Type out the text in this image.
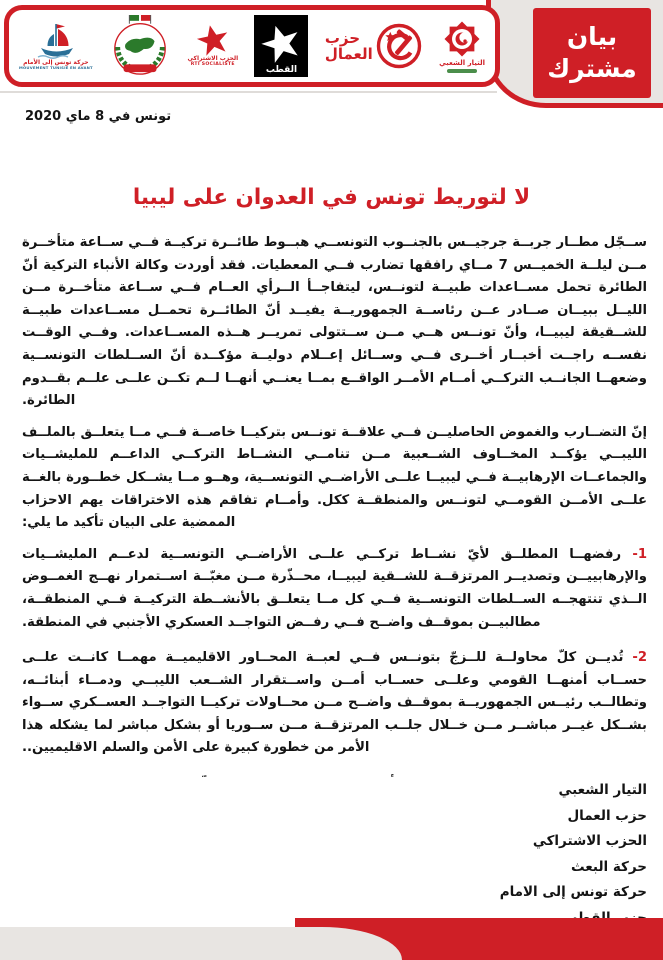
بيان
مشترك
حركة تونس إلى الأمام
MOUVEMENT TUNISIE EN AVANT
الحزب الاشتراكي
RTI SOCIALISTE
القطب
حزب
العمال
التيار الشعبي
تونس في 8 ماي 2020
لا لتوريط تونس في العدوان على ليبيا

ســجّل مطــار جربــة جرجيــس بالجنــوب التونســي هبــوط طائــرة تركيــة فــي ســاعة متأخــرة مــن ليلــة الخميــس 7 مــاي رافقها تضارب فــي المعطيات. فقد أوردت وكالة الأنباء التركية أنّ الطائرة تحمل مســاعدات طبيــة لتونــس، ليتفاجــأ الــرأي العــام فــي ســاعة متأخــرة مــن الليــل ببيــان صــادر عــن رئاســة الجمهوريــة يفيــد أنّ الطائــرة تحمــل مســاعدات طبيــة للشــقيقة ليبيــا، وأنّ تونــس هــي مــن ســتتولى تمريــر هــذه المســاعدات. وفــي الوقــت نفســه راجــت أخبــار أخــرى فــي وســائل إعــلام دوليــة مؤكــدة أنّ الســلطات التونســية وضعهــا الجانــب التركــي أمــام الأمــر الواقــع بمــا يعنــي أنهــا لــم تكــن علــى علــم بقــدوم الطائرة.

إنّ التضــارب والغموض الحاصليــن فــي علاقــة تونــس بتركيــا خاصــة فــي مــا يتعلــق بالملــف الليبــي يؤكــد المخــاوف الشــعبية مــن تنامــي النشــاط التركــي الداعــم للمليشــيات والجماعــات الإرهابيــة فــي ليبيــا علــى الأراضــي التونســية، وهــو مــا يشــكل خطــورة بالغــة علــى الأمــن القومــي لتونــس والمنطقــة ككل. وأمــام تفاقم هذه الاختراقات يهم الاحزاب الممضية على البيان تأكيد ما يلي:

1- رفضهــا المطلــق لأيّ نشــاط تركــي علــى الأراضــي التونســية لدعــم المليشــيات والإرهابييــن وتصديــر المرتزقــة للشــقية ليبيــا، محــذّرة مــن مغبّــة اســتمرار نهــج الغمــوض الــذي تنتهجــه الســلطات التونســية فــي كل مــا يتعلــق بالأنشــطة التركيــة فــي المنطقــة، مطالبيــن بموقــف واضــح فــي رفــض التواجــد العسكري الأجنبي في المنطقة.

2- تُديــن كلّ محاولــة للــزجّ بتونــس فــي لعبــة المحــاور الاقليميــة مهمــا كانــت علــى حســاب أمنهــا القومي وعلــى حســاب أمــن واســتقرار الشــعب الليبــي ودمــاء أبنائــه، وتطالــب رئيــس الجمهوريــة بموقــف واضــح مــن محــاولات تركيــا التواجــد العســكري ســواء بشــكل غيــر مباشــر مــن خــلال جلــب المرتزقــة مــن ســوريا أو بشكل مباشر لما يشكله هذا الأمر من خطورة كبيرة على الأمن والسلم الاقليميين..

التيار الشعبي
حزب العمال
الحزب الاشتراكي
حركة البعث
حركة تونس إلى الامام
